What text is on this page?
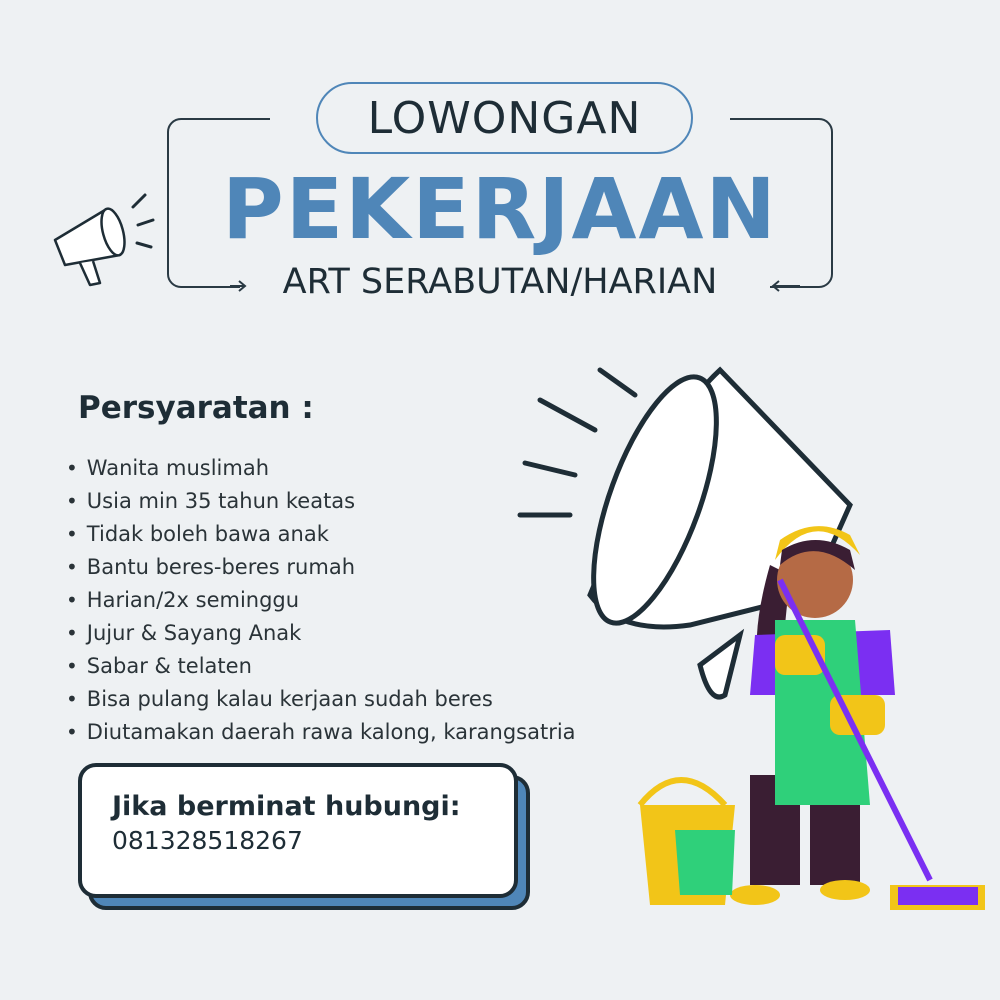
LOWONGAN
PEKERJAAN
ART SERABUTAN/HARIAN
Persyaratan :
• Wanita muslimah
• Usia min 35 tahun keatas
• Tidak boleh bawa anak
• Bantu beres-beres rumah
• Harian/2x seminggu
• Jujur & Sayang Anak
• Sabar & telaten
• Bisa pulang kalau kerjaan sudah beres
• Diutamakan daerah rawa kalong, karangsatria
Jika berminat hubungi:
081328518267
